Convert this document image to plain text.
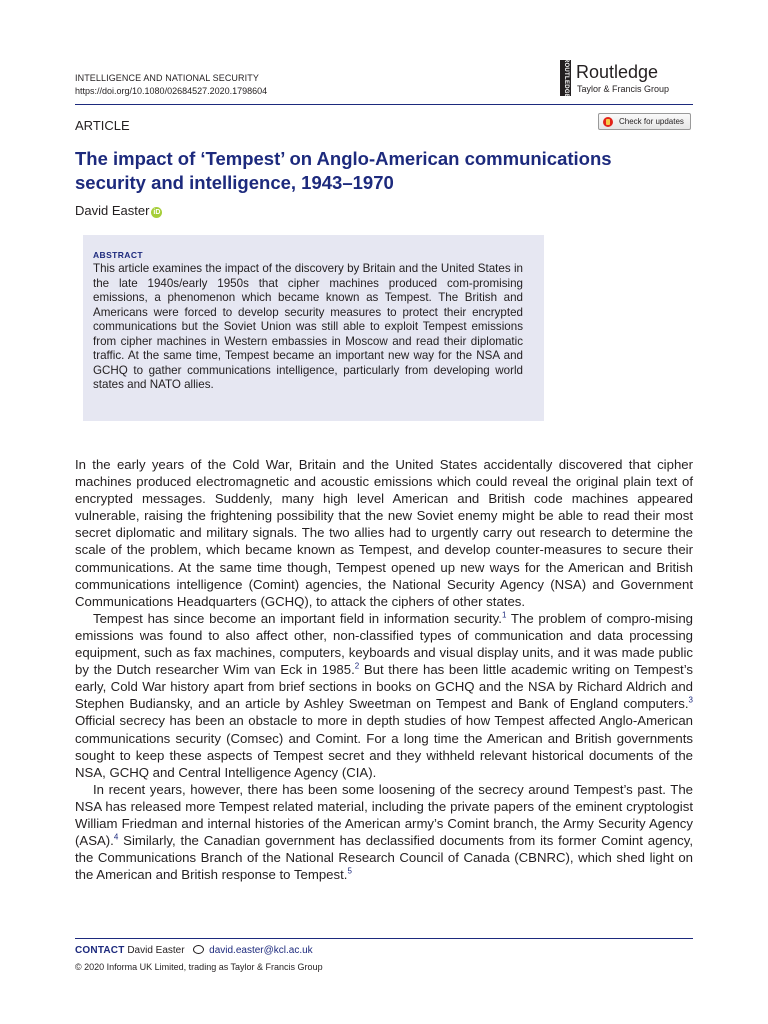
INTELLIGENCE AND NATIONAL SECURITY
https://doi.org/10.1080/02684527.2020.1798604	ROUTLEDGE Routledge
Taylor & Francis Group
ARTICLE	Check for updates
The impact of ‘Tempest’ on Anglo-American communications security and intelligence, 1943–1970
David Easter iD
ABSTRACT
This article examines the impact of the discovery by Britain and the United States in the late 1940s/early 1950s that cipher machines produced com-promising emissions, a phenomenon which became known as Tempest. The British and Americans were forced to develop security measures to protect their encrypted communications but the Soviet Union was still able to exploit Tempest emissions from cipher machines in Western embassies in Moscow and read their diplomatic traffic. At the same time, Tempest became an important new way for the NSA and GCHQ to gather communications intelligence, particularly from developing world states and NATO allies.

In the early years of the Cold War, Britain and the United States accidentally discovered that cipher machines produced electromagnetic and acoustic emissions which could reveal the original plain text of encrypted messages. Suddenly, many high level American and British code machines appeared vulnerable, raising the frightening possibility that the new Soviet enemy might be able to read their most secret diplomatic and military signals. The two allies had to urgently carry out research to determine the scale of the problem, which became known as Tempest, and develop counter-measures to secure their communications. At the same time though, Tempest opened up new ways for the American and British communications intelligence (Comint) agencies, the National Security Agency (NSA) and Government Communications Headquarters (GCHQ), to attack the ciphers of other states.

Tempest has since become an important field in information security.$^1$ The problem of compro-mising emissions was found to also affect other, non-classified types of communication and data processing equipment, such as fax machines, computers, keyboards and visual display units, and it was made public by the Dutch researcher Wim van Eck in 1985.$^2$ But there has been little academic writing on Tempest’s early, Cold War history apart from brief sections in books on GCHQ and the NSA by Richard Aldrich and Stephen Budiansky, and an article by Ashley Sweetman on Tempest and Bank of England computers.$^3$ Official secrecy has been an obstacle to more in depth studies of how Tempest affected Anglo-American communications security (Comsec) and Comint. For a long time the American and British governments sought to keep these aspects of Tempest secret and they withheld relevant historical documents of the NSA, GCHQ and Central Intelligence Agency (CIA).

In recent years, however, there has been some loosening of the secrecy around Tempest’s past. The NSA has released more Tempest related material, including the private papers of the eminent cryptologist William Friedman and internal histories of the American army’s Comint branch, the Army Security Agency (ASA).$^4$ Similarly, the Canadian government has declassified documents from its former Comint agency, the Communications Branch of the National Research Council of Canada (CBNRC), which shed light on the American and British response to Tempest.$^5$

CONTACT David Easter david.easter@kcl.ac.uk
© 2020 Informa UK Limited, trading as Taylor & Francis Group
